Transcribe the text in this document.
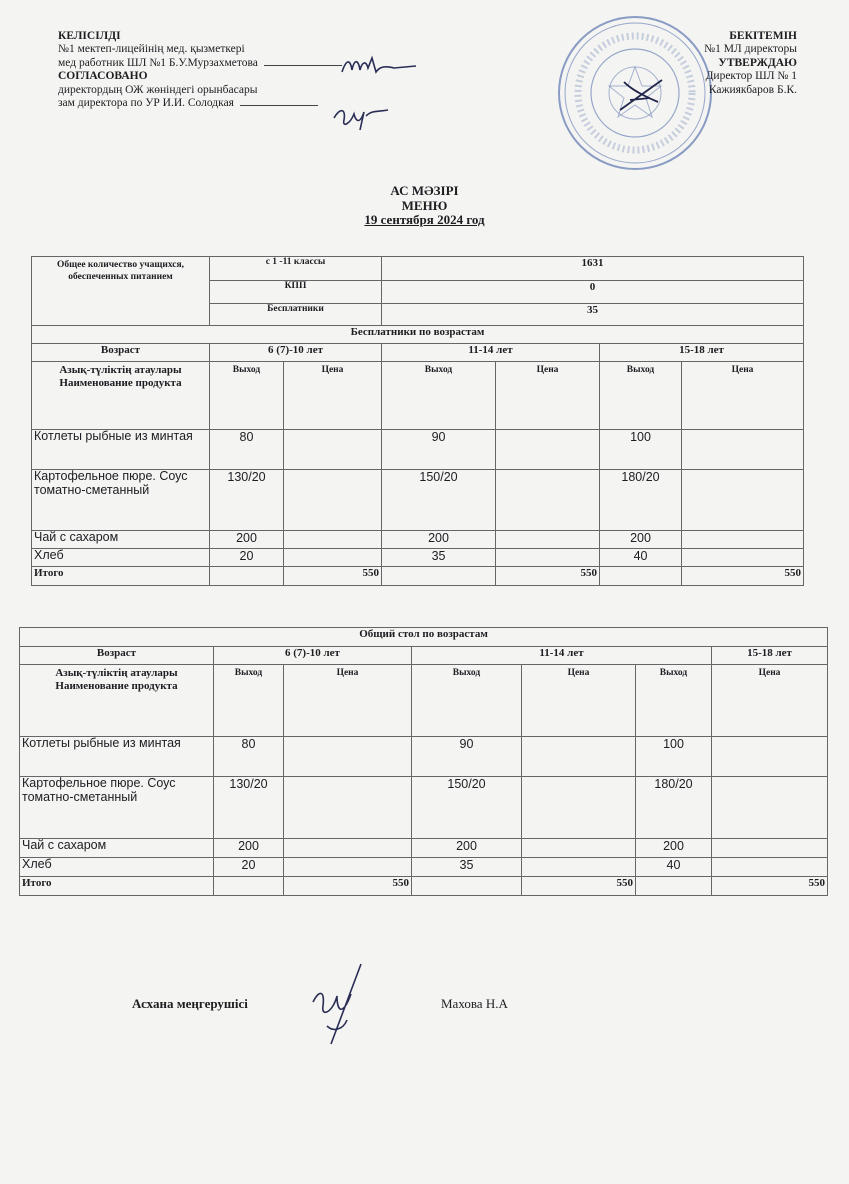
КЕЛІСІЛДІ
№1 мектеп-лицейінің мед. қызметкері
мед работник ШЛ №1 Б.У.Мурзахметова
СОГЛАСОВАНО
директордың ОЖ жөніндегі орынбасары
зам директора по УР И.И. Солодкая
БЕКІТЕМІН
№1 МЛ директоры
УТВЕРЖДАЮ
Директор ШЛ № 1
Кажиякбаров Б.К.
АС МӘЗІРІ
МЕНЮ
19 сентября 2024 год
Общее количество учащихся, обеспеченных питанием	с 1 -11 классы		1631			
	КПП		0			
	Бесплатники		35			
Бесплатники по возрастам						
Возраст	6 (7)-10 лет		11-14 лет		15-18 лет	
Азық-түліктің атаулары Наименование продукта	Выход	Цена	Выход	Цена	Выход	Цена
Котлеты рыбные из минтая	80		90		100	
Картофельное пюре. Соус томатно-сметанный	130/20		150/20		180/20	
Чай с сахаром	200		200		200	
Хлеб	20		35		40	
Итого		550		550		550
Общий стол по возрастам						
Возраст	6 (7)-10 лет		11-14 лет			15-18 лет
Азық-түліктің атаулары Наименование продукта	Выход	Цена	Выход	Цена	Выход	Цена
Котлеты рыбные из минтая	80		90		100	
Картофельное пюре. Соус томатно-сметанный	130/20		150/20		180/20	
Чай с сахаром	200		200		200	
Хлеб	20		35		40	
Итого		550		550		550
Асхана меңгерушісі	Махова Н.А
